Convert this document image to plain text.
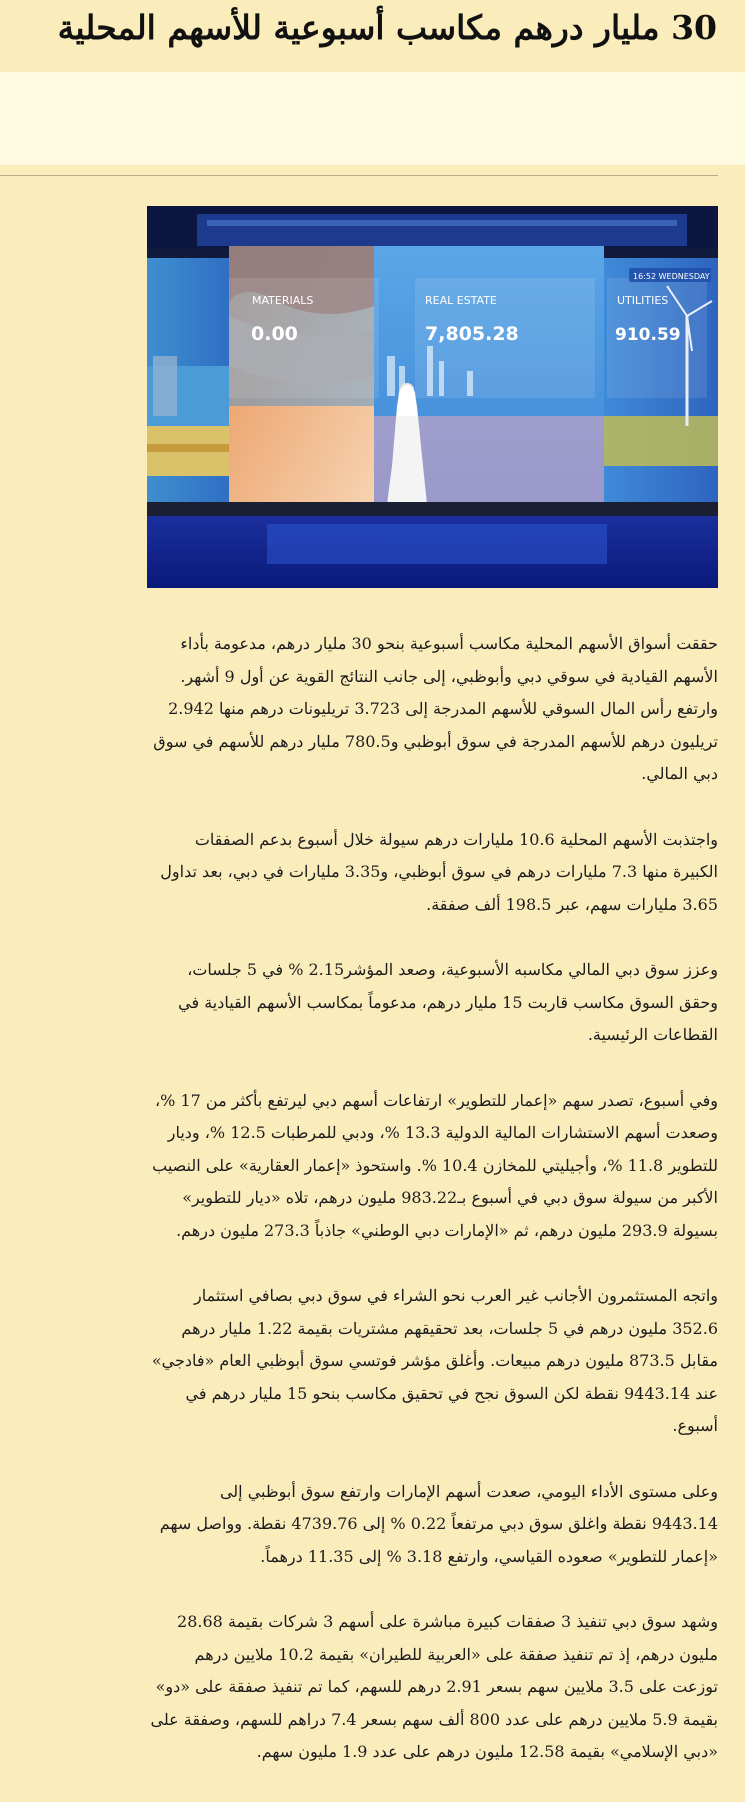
30 مليار درهم مكاسب أسبوعية للأسهم المحلية
MATERIALS
0.00
REAL ESTATE
7,805.28
UTILITIES
910.59
16:52 WEDNESDAY

حققت أسواق الأسهم المحلية مكاسب أسبوعية بنحو 30 مليار درهم، مدعومة بأداء الأسهم القيادية في سوقي دبي وأبوظبي، إلى جانب النتائج القوية عن أول 9 أشهر. وارتفع رأس المال السوقي للأسهم المدرجة إلى 3.723 تريليونات درهم منها 2.942 تريليون درهم للأسهم المدرجة في سوق أبوظبي و780.5 مليار درهم للأسهم في سوق دبي المالي.

واجتذبت الأسهم المحلية 10.6 مليارات درهم سيولة خلال أسبوع بدعم الصفقات الكبيرة منها 7.3 مليارات درهم في سوق أبوظبي، و3.35 مليارات في دبي، بعد تداول 3.65 مليارات سهم، عبر 198.5 ألف صفقة.

وعزز سوق دبي المالي مكاسبه الأسبوعية، وصعد المؤشر2.15 % في 5 جلسات، وحقق السوق مكاسب قاربت 15 مليار درهم، مدعوماً بمكاسب الأسهم القيادية في القطاعات الرئيسية.

وفي أسبوع، تصدر سهم «إعمار للتطوير» ارتفاعات أسهم دبي ليرتفع بأكثر من 17 %، وصعدت أسهم الاستشارات المالية الدولية 13.3 %، ودبي للمرطبات 12.5 %، وديار للتطوير 11.8 %، وأجيليتي للمخازن 10.4 %. واستحوذ «إعمار العقارية» على النصيب الأكبر من سيولة سوق دبي في أسبوع بـ983.22 مليون درهم، تلاه «ديار للتطوير» بسيولة 293.9 مليون درهم، ثم «الإمارات دبي الوطني» جاذباً 273.3 مليون درهم.

واتجه المستثمرون الأجانب غير العرب نحو الشراء في سوق دبي بصافي استثمار 352.6 مليون درهم في 5 جلسات، بعد تحقيقهم مشتريات بقيمة 1.22 مليار درهم مقابل 873.5 مليون درهم مبيعات. وأغلق مؤشر فوتسي سوق أبوظبي العام «فادجي» عند 9443.14 نقطة لكن السوق نجح في تحقيق مكاسب بنحو 15 مليار درهم في أسبوع.

وعلى مستوى الأداء اليومي، صعدت أسهم الإمارات وارتفع سوق أبوظبي إلى 9443.14 نقطة واغلق سوق دبي مرتفعاً 0.22 % إلى 4739.76 نقطة. وواصل سهم «إعمار للتطوير» صعوده القياسي، وارتفع 3.18 % إلى 11.35 درهماً.

وشهد سوق دبي تنفيذ 3 صفقات كبيرة مباشرة على أسهم 3 شركات بقيمة 28.68 مليون درهم، إذ تم تنفيذ صفقة على «العربية للطيران» بقيمة 10.2 ملايين درهم توزعت على 3.5 ملايين سهم بسعر 2.91 درهم للسهم، كما تم تنفيذ صفقة على «دو» بقيمة 5.9 ملايين درهم على عدد 800 ألف سهم بسعر 7.4 دراهم للسهم، وصفقة على «دبي الإسلامي» بقيمة 12.58 مليون درهم على عدد 1.9 مليون سهم.
